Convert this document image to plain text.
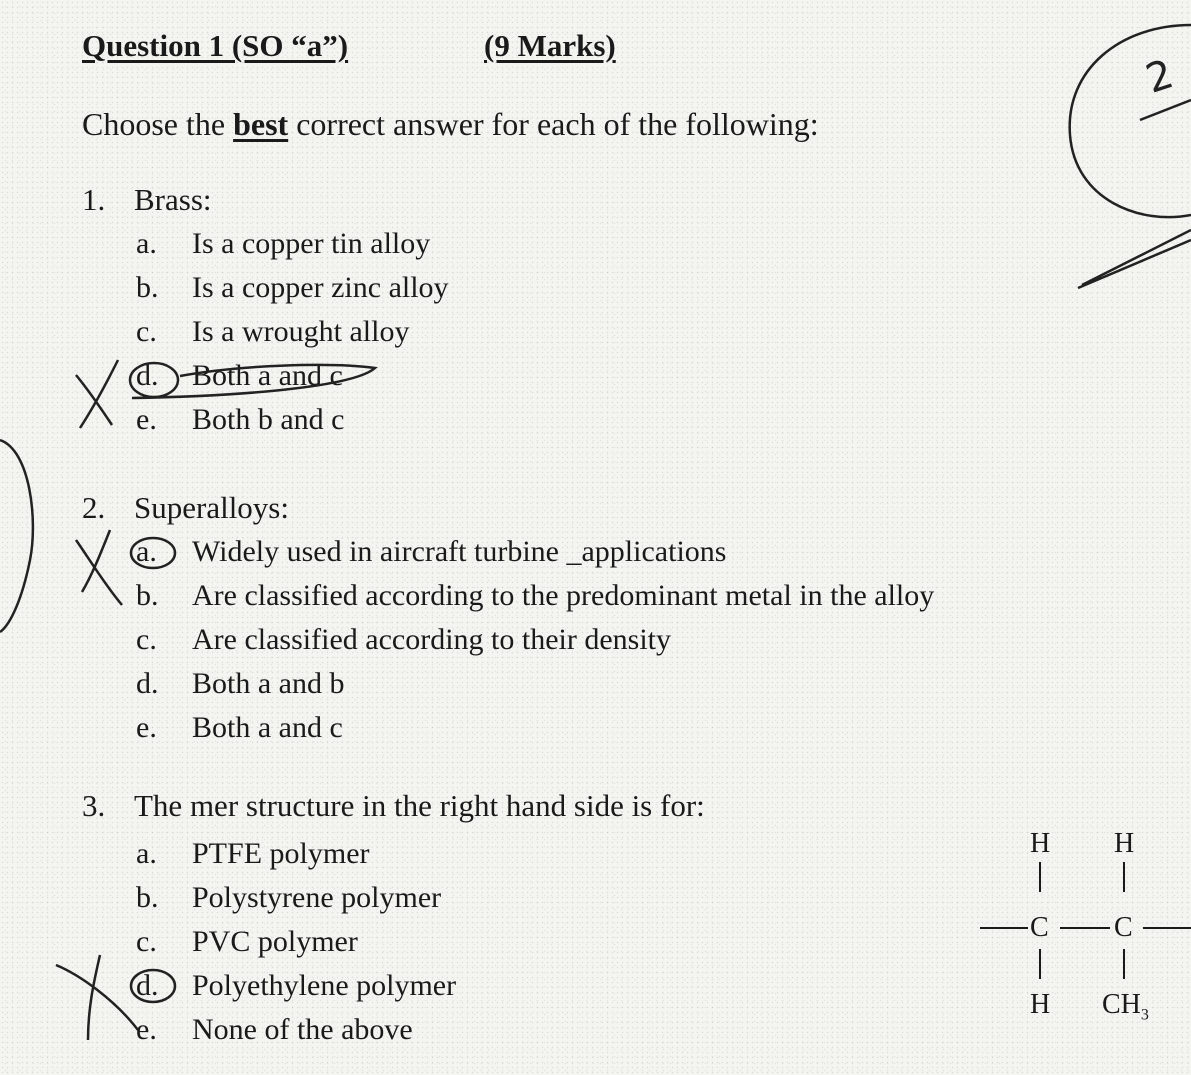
Question 1 (SO “a”)	(9 Marks)
Choose the best correct answer for each of the following:
1. Brass:
a. Is a copper tin alloy
b. Is a copper zinc alloy
c. Is a wrought alloy
d. Both a and c
e. Both b and c
2. Superalloys:
a. Widely used in aircraft turbine _applications
b. Are classified according to the predominant metal in the alloy
c. Are classified according to their density
d. Both a and b
e. Both a and c
3. The mer structure in the right hand side is for:
a. PTFE polymer
b. Polystyrene polymer
c. PVC polymer
d. Polyethylene polymer
e. None of the above
H H
C C
H $CH_3$
2
